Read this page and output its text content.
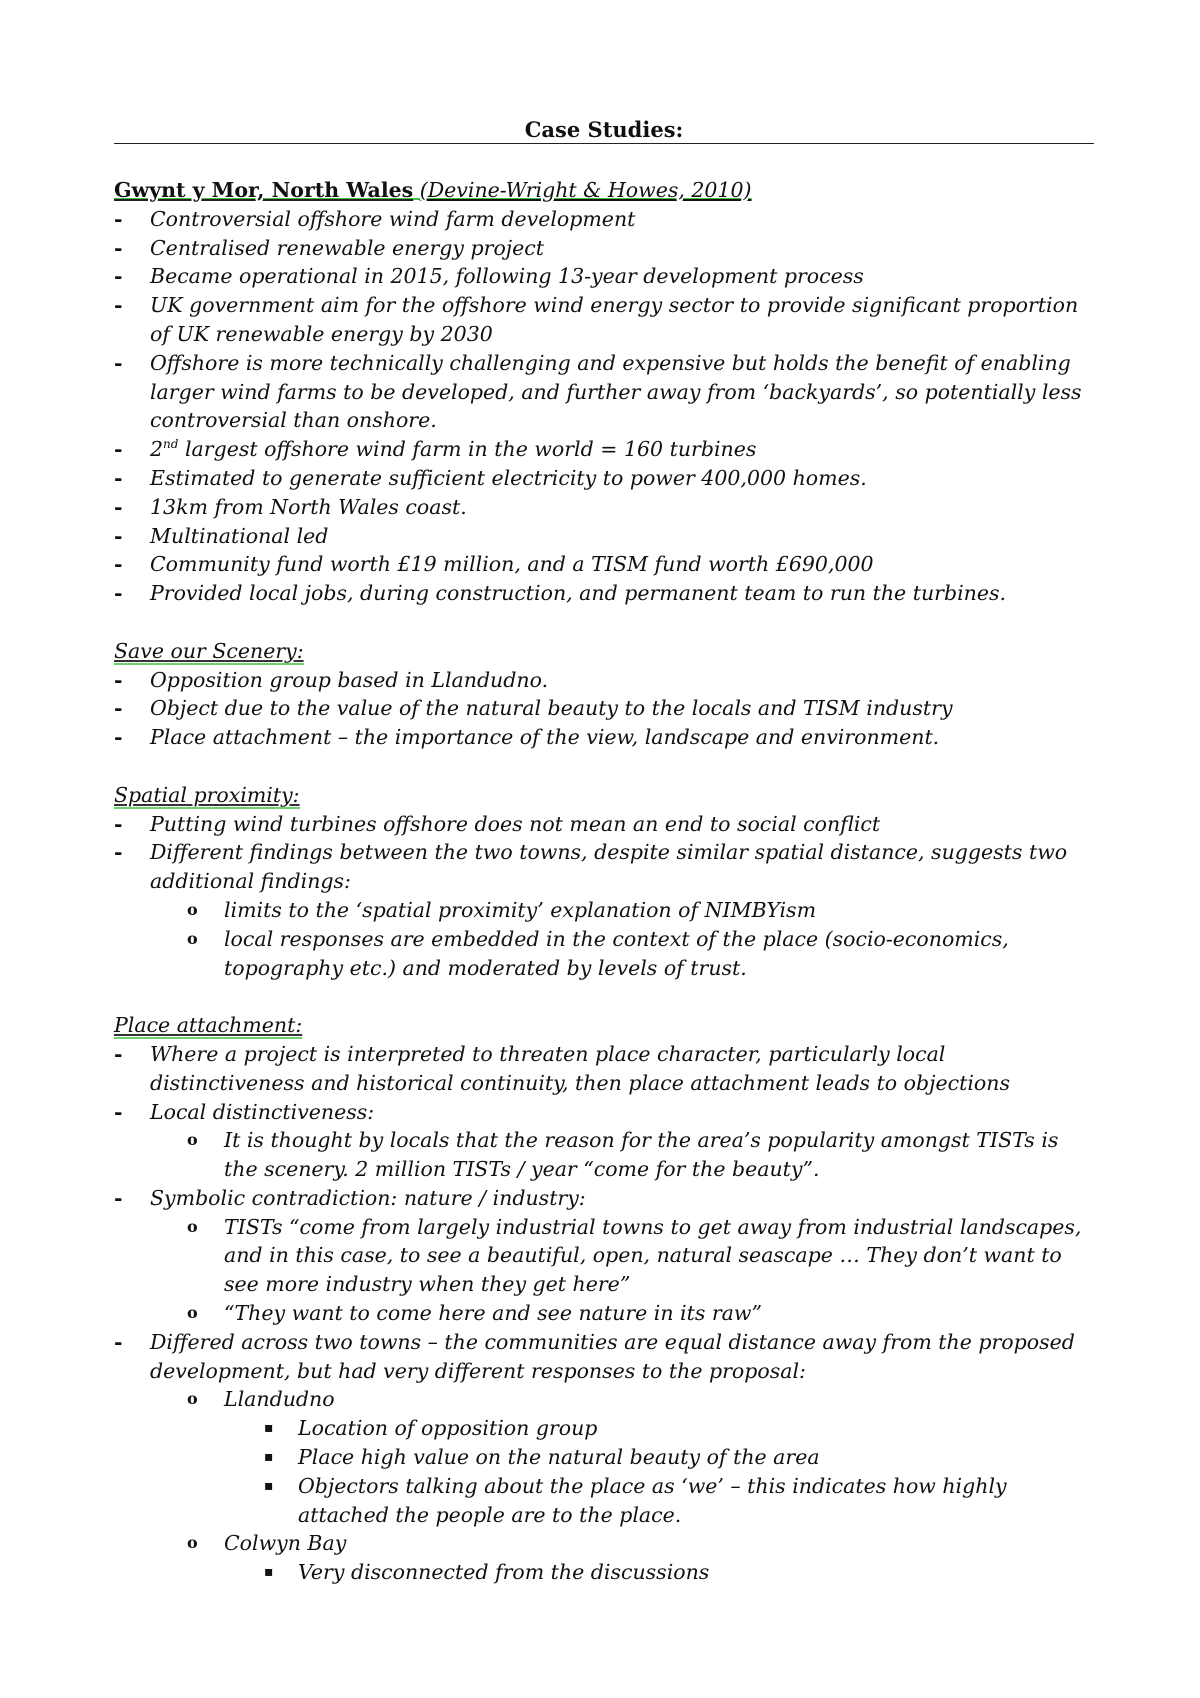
Case Studies:
Gwynt y Mor, North Wales (Devine-Wright & Howes, 2010)
- Controversial offshore wind farm development
- Centralised renewable energy project
- Became operational in 2015, following 13-year development process
- UK government aim for the offshore wind energy sector to provide significant proportion of UK renewable energy by 2030
- Offshore is more technically challenging and expensive but holds the benefit of enabling larger wind farms to be developed, and further away from ‘backyards’, so potentially less controversial than onshore.
- 2nd largest offshore wind farm in the world = 160 turbines
- Estimated to generate sufficient electricity to power 400,000 homes.
- 13km from North Wales coast.
- Multinational led
- Community fund worth £19 million, and a TISM fund worth £690,000
- Provided local jobs, during construction, and permanent team to run the turbines.
Save our Scenery:
- Opposition group based in Llandudno.
- Object due to the value of the natural beauty to the locals and TISM industry
- Place attachment – the importance of the view, landscape and environment.
Spatial proximity:
- Putting wind turbines offshore does not mean an end to social conflict
- Different findings between the two towns, despite similar spatial distance, suggests two additional findings:
o limits to the ‘spatial proximity’ explanation of NIMBYism
o local responses are embedded in the context of the place (socio-economics, topography etc.) and moderated by levels of trust.
Place attachment:
- Where a project is interpreted to threaten place character, particularly local distinctiveness and historical continuity, then place attachment leads to objections
- Local distinctiveness:
o It is thought by locals that the reason for the area’s popularity amongst TISTs is the scenery. 2 million TISTs / year “come for the beauty”.
- Symbolic contradiction: nature / industry:
o TISTs “come from largely industrial towns to get away from industrial landscapes, and in this case, to see a beautiful, open, natural seascape … They don’t want to see more industry when they get here”
o “They want to come here and see nature in its raw”
- Differed across two towns – the communities are equal distance away from the proposed development, but had very different responses to the proposal:
o Llandudno
▪ Location of opposition group
▪ Place high value on the natural beauty of the area
▪ Objectors talking about the place as ‘we’ – this indicates how highly attached the people are to the place.
o Colwyn Bay
▪ Very disconnected from the discussions
